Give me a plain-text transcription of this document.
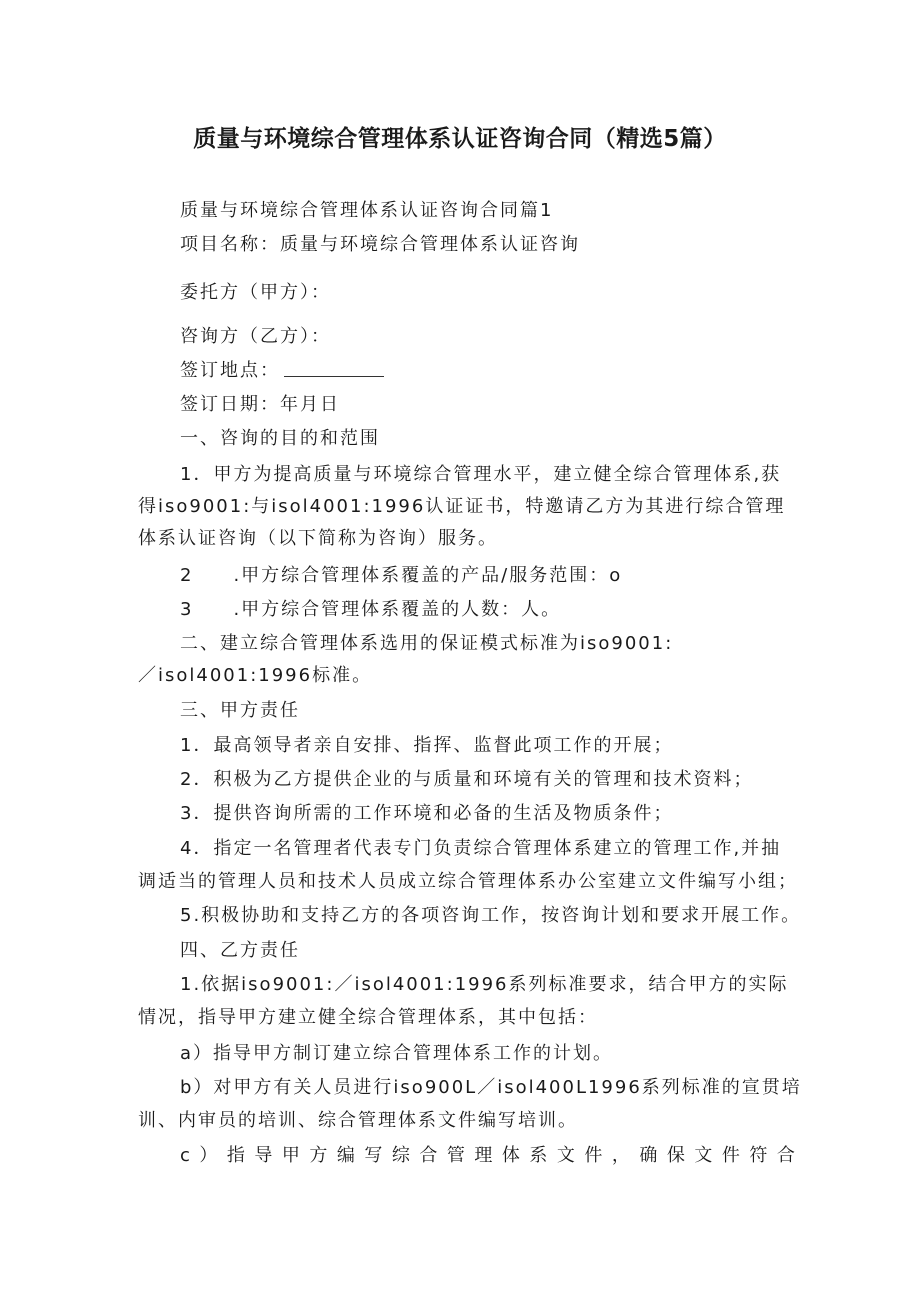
质量与环境综合管理体系认证咨询合同（精选5篇）
质量与环境综合管理体系认证咨询合同篇1
项目名称：质量与环境综合管理体系认证咨询
委托方（甲方）：
咨询方（乙方）：
签订地点：
签订日期：年月日
一、咨询的目的和范围
1．甲方为提高质量与环境综合管理水平，建立健全综合管理体系,获
得iso9001:与isol4001:1996认证证书，特邀请乙方为其进行综合管理
体系认证咨询（以下简称为咨询）服务。
2　　.甲方综合管理体系覆盖的产品/服务范围：o
3　　.甲方综合管理体系覆盖的人数：人。
二、建立综合管理体系选用的保证模式标准为iso9001:
／isol4001:1996标准。
三、甲方责任
1．最高领导者亲自安排、指挥、监督此项工作的开展；
2．积极为乙方提供企业的与质量和环境有关的管理和技术资料；
3．提供咨询所需的工作环境和必备的生活及物质条件；
4．指定一名管理者代表专门负责综合管理体系建立的管理工作,并抽
调适当的管理人员和技术人员成立综合管理体系办公室建立文件编写小组；
5.积极协助和支持乙方的各项咨询工作，按咨询计划和要求开展工作。
四、乙方责任
1.依据iso9001:／isol4001:1996系列标准要求，结合甲方的实际
情况，指导甲方建立健全综合管理体系，其中包括：
a）指导甲方制订建立综合管理体系工作的计划。
b）对甲方有关人员进行iso900L／isol400L1996系列标准的宣贯培
训、内审员的培训、综合管理体系文件编写培训。
c）指导甲方编写综合管理体系文件，确保文件符合
